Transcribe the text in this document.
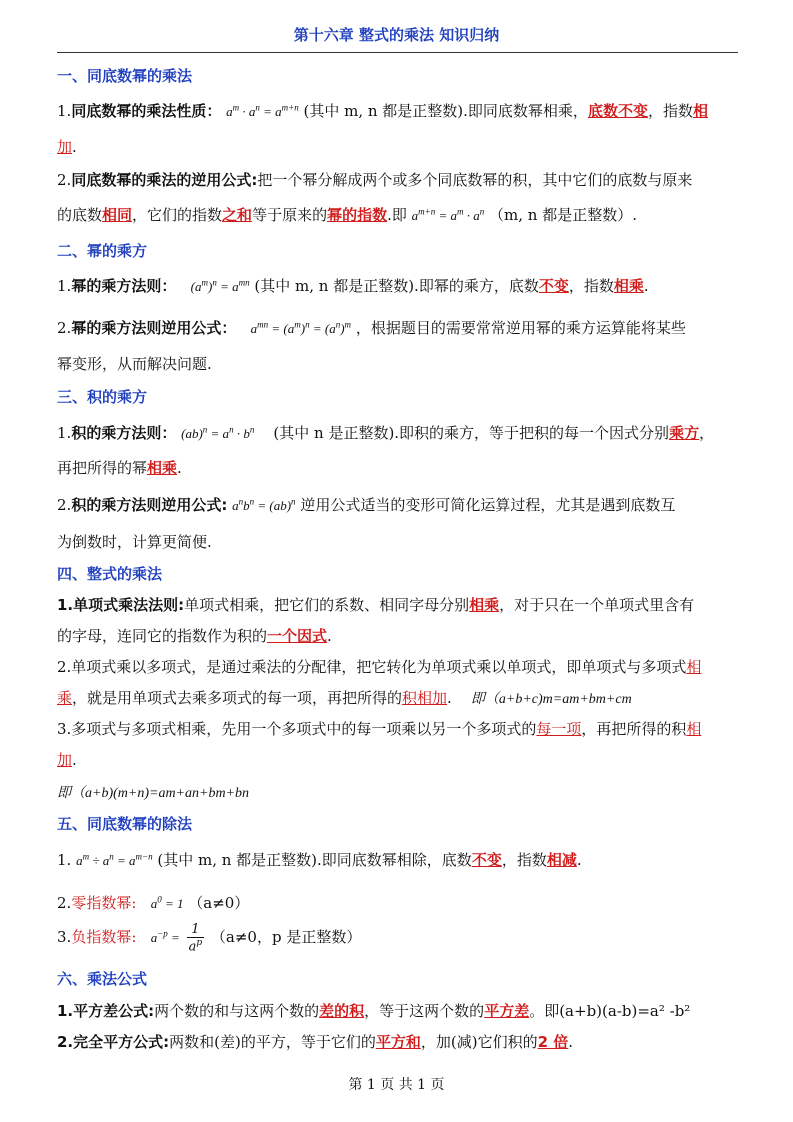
第十六章 整式的乘法 知识归纳
一、同底数幂的乘法
1.同底数幂的乘法性质： $a^m \cdot a^n = a^{m+n}$ (其中 m, n 都是正整数).即同底数幂相乘，底数不变，指数相
加.
2.同底数幂的乘法的逆用公式:把一个幂分解成两个或多个同底数幂的积，其中它们的底数与原来
的底数相同，它们的指数之和等于原来的幂的指数.即 $a^{m+n} = a^m \cdot a^n$ （m, n 都是正整数）.
二、幂的乘方
1.幂的乘方法则： $(a^m)^n = a^{mn}$ (其中 m, n 都是正整数).即幂的乘方，底数不变，指数相乘.
2.幂的乘方法则逆用公式： $a^{mn} = (a^m)^n = (a^n)^m$ ，根据题目的需要常常逆用幂的乘方运算能将某些
幂变形，从而解决问题.
三、积的乘方
1.积的乘方法则： $(ab)^n = a^n \cdot b^n$ (其中 n 是正整数).即积的乘方，等于把积的每一个因式分别乘方，
再把所得的幂相乘.
2.积的乘方法则逆用公式: $a^nb^n = (ab)^n$ 逆用公式适当的变形可简化运算过程，尤其是遇到底数互
为倒数时，计算更简便.
四、整式的乘法
1.单项式乘法法则:单项式相乘，把它们的系数、相同字母分别相乘，对于只在一个单项式里含有
的字母，连同它的指数作为积的一个因式.
2.单项式乘以多项式，是通过乘法的分配律，把它转化为单项式乘以单项式，即单项式与多项式相
乘，就是用单项式去乘多项式的每一项，再把所得的积相加. 即（a+b+c)m=am+bm+cm
3.多项式与多项式相乘，先用一个多项式中的每一项乘以另一个多项式的每一项，再把所得的积相
加.
即（a+b)(m+n)=am+an+bm+bn
五、同底数幂的除法
1. $a^m \div a^n = a^{m-n}$ (其中 m, n 都是正整数).即同底数幂相除，底数不变，指数相减.
2.零指数幂: $a^0 = 1$ （a≠0）
3.负指数幂: $a^{-p} = \frac{1}{a^p} (a\ne 0$，p 是正整数）
六、乘法公式
1.平方差公式:两个数的和与这两个数的差的积，等于这两个数的平方差。即(a+b)(a-b)=a² -b²
2.完全平方公式:两数和(差)的平方，等于它们的平方和，加(减)它们积的2 倍.
第 1 页 共 1 页
